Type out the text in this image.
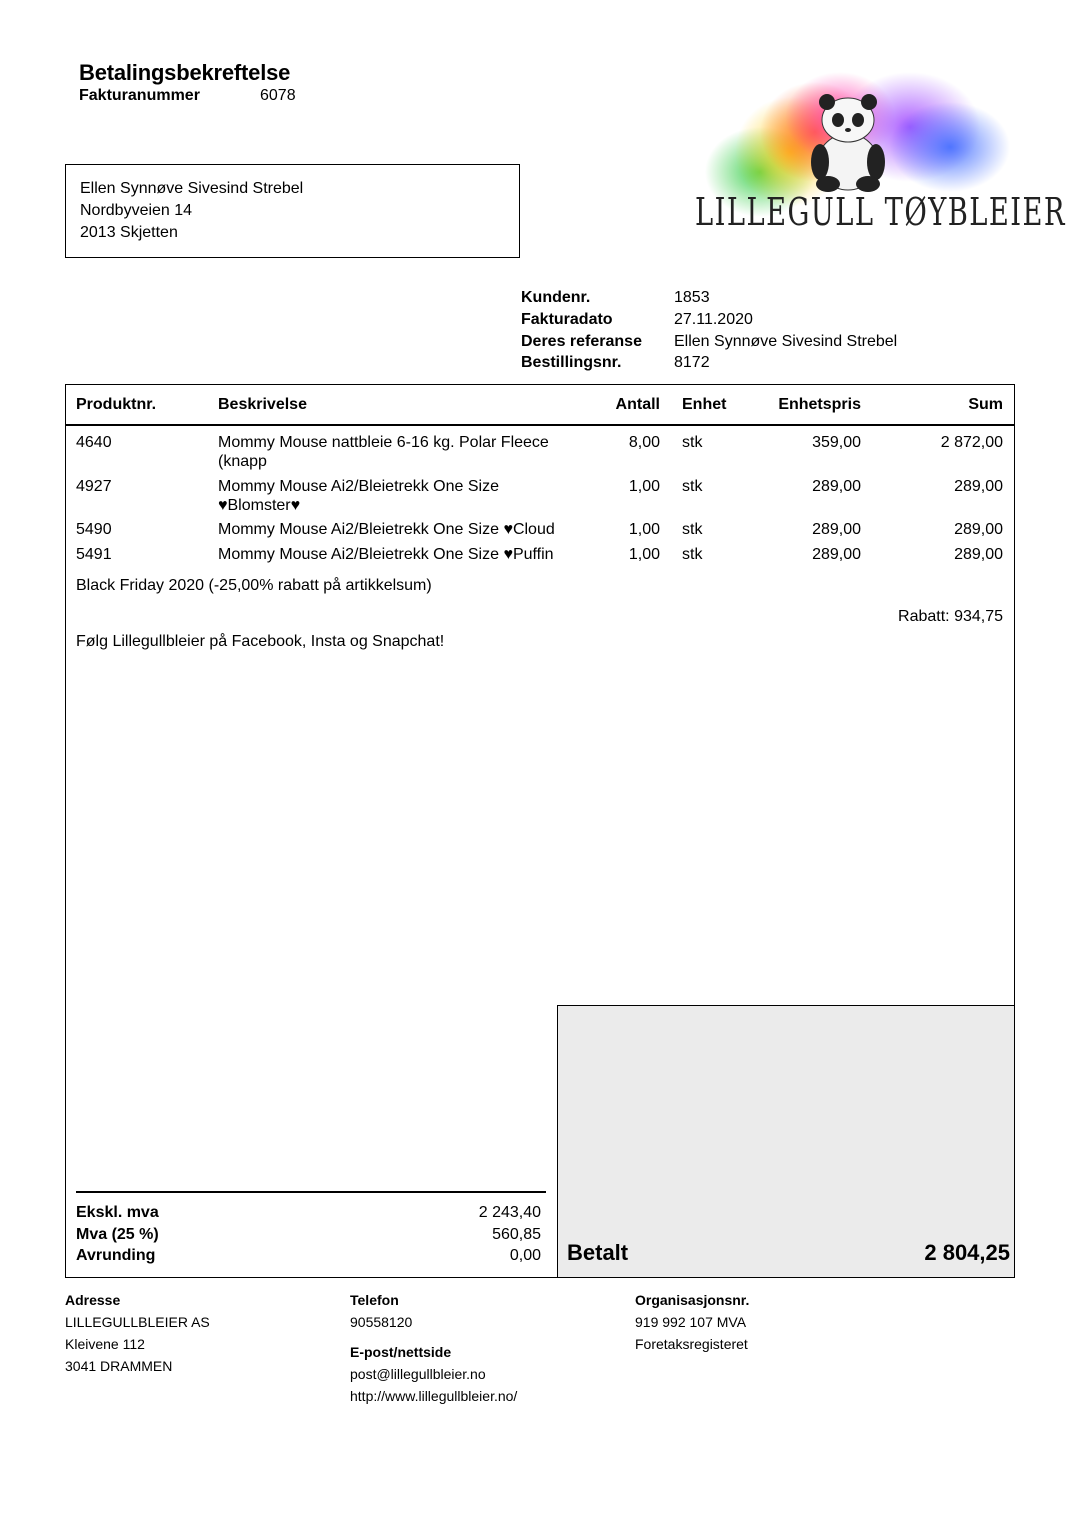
Betalingsbekreftelse
Fakturanummer	6078
Ellen Synnøve Sivesind Strebel
Nordbyveien 14
2013 Skjetten	LILLEGULL TØYBLEIER
Kundenr.	1853
Fakturadato	27.11.2020
Deres referanse Ellen Synnøve Sivesind Strebel
Bestillingsnr.	8172
Produktnr.	Beskrivelse	Antall Enhet	Enhetspris	Sum
4640	Mommy Mouse nattbleie 6-16 kg. Polar Fleece
(knapp
8,00 stk	359,00	2 872,00
4927	Mommy Mouse Ai2/Bleietrekk One Size
♥Blomster♥
1,00 stk	289,00	289,00
5490	Mommy Mouse Ai2/Bleietrekk One Size ♥Cloud	1,00 stk	289,00	289,00
5491	Mommy Mouse Ai2/Bleietrekk One Size ♥Puffin	1,00 stk	289,00	289,00
Black Friday 2020 (-25,00% rabatt på artikkelsum)
Rabatt: 934,75
Følg Lillegullbleier på Facebook, Insta og Snapchat!
Betalt	2 804,25
Ekskl. mva	2 243,40
Mva (25 %)	560,85
Avrunding	0,00
Adresse
LILLEGULLBLEIER AS
Kleivene 112
3041 DRAMMEN
Telefon
90558120
E-post/nettside
post@lillegullbleier.no
http://www.lillegullbleier.no/
Organisasjonsnr.
919 992 107 MVA
Foretaksregisteret
